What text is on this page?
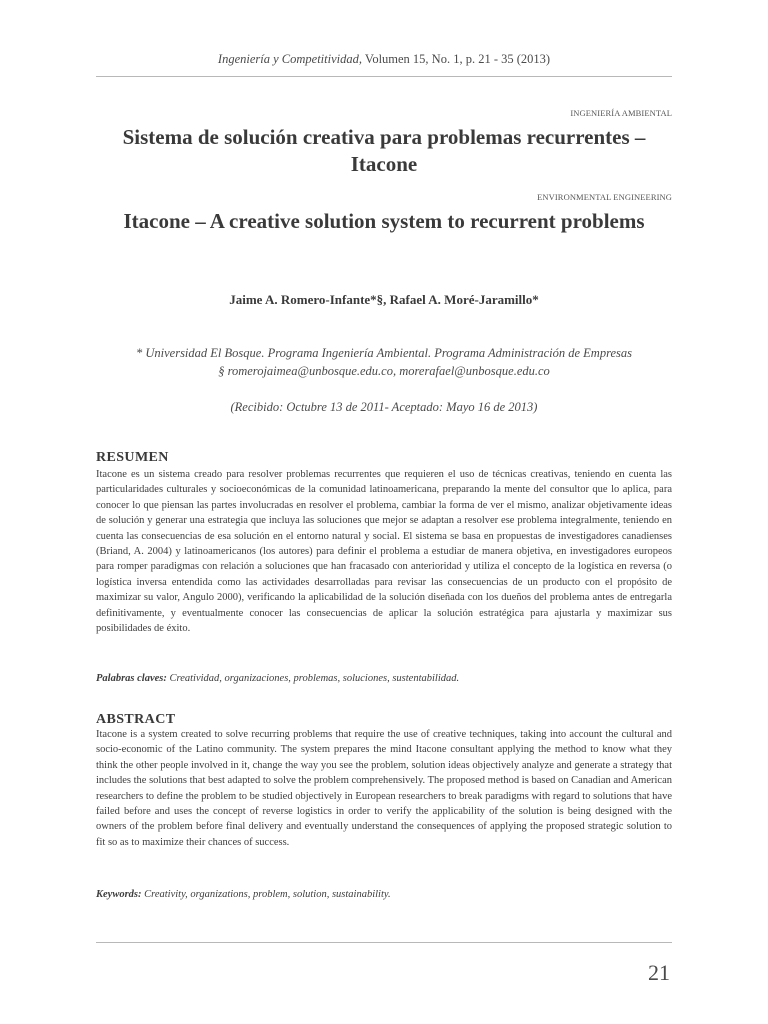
Ingeniería y Competitividad, Volumen 15, No. 1, p. 21 - 35 (2013)
INGENIERÍA AMBIENTAL
Sistema de solución creativa para problemas recurrentes – Itacone
ENVIRONMENTAL ENGINEERING
Itacone – A creative solution system to recurrent problems
Jaime A. Romero-Infante*§, Rafael A. Moré-Jaramillo*
* Universidad El Bosque. Programa Ingeniería Ambiental. Programa Administración de Empresas
§ romerojaimea@unbosque.edu.co, morerafael@unbosque.edu.co
(Recibido: Octubre 13 de 2011- Aceptado: Mayo 16 de 2013)
RESUMEN

Itacone es un sistema creado para resolver problemas recurrentes que requieren el uso de técnicas creativas, teniendo en cuenta las particularidades culturales y socioeconómicas de la comunidad latinoamericana, preparando la mente del consultor que lo aplica, para conocer lo que piensan las partes involucradas en resolver el problema, cambiar la forma de ver el mismo, analizar objetivamente ideas de solución y generar una estrategia que incluya las soluciones que mejor se adaptan a resolver ese problema integralmente, teniendo en cuenta las consecuencias de esa solución en el entorno natural y social. El sistema se basa en propuestas de investigadores canadienses (Briand, A. 2004) y latinoamericanos (los autores) para definir el problema a estudiar de manera objetiva, en investigadores europeos para romper paradigmas con relación a soluciones que han fracasado con anterioridad y utiliza el concepto de la logística en reversa (o logística inversa entendida como las actividades desarrolladas para revisar las consecuencias de un producto con el propósito de maximizar su valor, Angulo 2000), verificando la aplicabilidad de la solución diseñada con los dueños del problema antes de entregarla definitivamente, y eventualmente conocer las consecuencias de aplicar la solución estratégica para ajustarla y maximizar sus posibilidades de éxito.

Palabras claves: Creatividad, organizaciones, problemas, soluciones, sustentabilidad.
ABSTRACT

Itacone is a system created to solve recurring problems that require the use of creative techniques, taking into account the cultural and socio-economic of the Latino community. The system prepares the mind Itacone consultant applying the method to know what they think the other people involved in it, change the way you see the problem, solution ideas objectively analyze and generate a strategy that includes the solutions that best adapted to solve the problem comprehensively. The proposed method is based on Canadian and American researchers to define the problem to be studied objectively in European researchers to break paradigms with regard to solutions that have failed before and uses the concept of reverse logistics in order to verify the applicability of the solution is being designed with the owners of the problem before final delivery and eventually understand the consequences of applying the proposed strategic solution to fit so as to maximize their chances of success.

Keywords: Creativity, organizations, problem, solution, sustainability.
21
